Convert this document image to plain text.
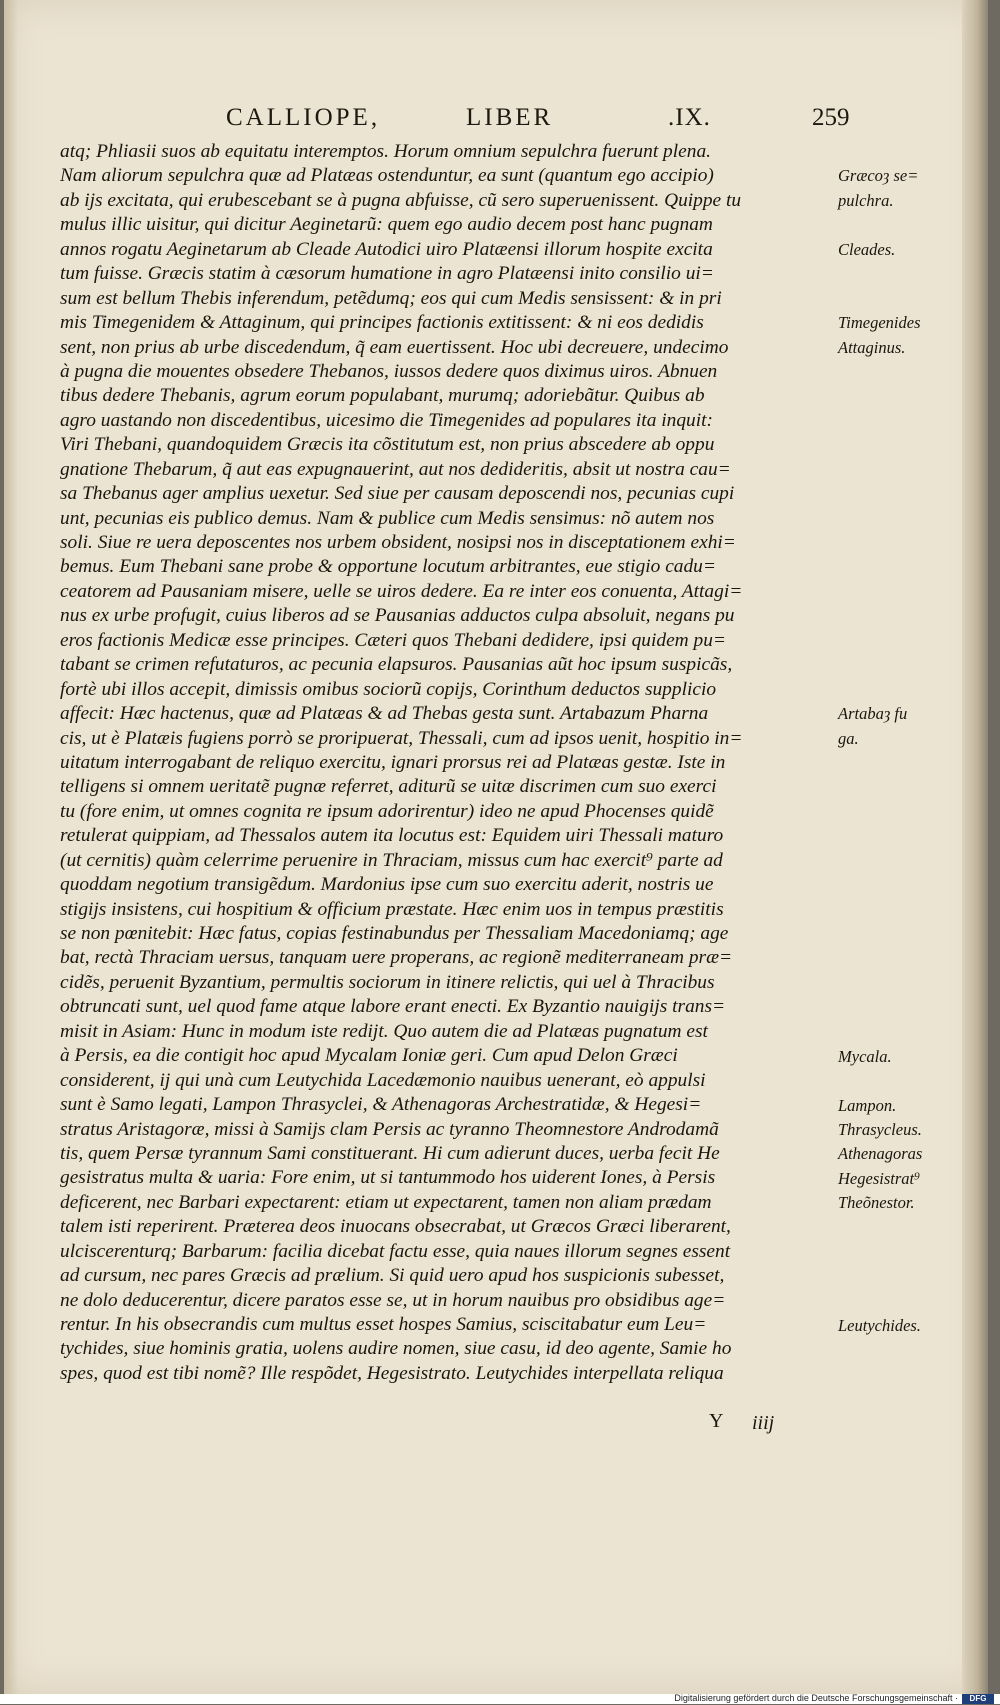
CALLIOPE,	LIBER	.IX.	259
atq; Phliasii suos ab equitatu interemptos. Horum omnium sepulchra fuerunt plena.
Nam aliorum sepulchra quæ ad Platæas ostenduntur, ea sunt (quantum ego accipio)
ab ijs excitata, qui erubescebant se à pugna abfuisse, cũ sero superuenissent. Quippe tu
mulus illic uisitur, qui dicitur Aeginetarũ: quem ego audio decem post hanc pugnam
annos rogatu Aeginetarum ab Cleade Autodici uiro Platæensi illorum hospite excita
tum fuisse. Græcis statim à cæsorum humatione in agro Platæensi inito consilio ui=
sum est bellum Thebis inferendum, petẽdumq; eos qui cum Medis sensissent: & in pri
mis Timegenidem & Attaginum, qui principes factionis extitissent: & ni eos dedidis
sent, non prius ab urbe discedendum, q̃ eam euertissent. Hoc ubi decreuere, undecimo
à pugna die mouentes obsedere Thebanos, iussos dedere quos diximus uiros. Abnuen
tibus dedere Thebanis, agrum eorum populabant, murumq; adoriebãtur. Quibus ab
agro uastando non discedentibus, uicesimo die Timegenides ad populares ita inquit:
Viri Thebani, quandoquidem Græcis ita cõstitutum est, non prius abscedere ab oppu
gnatione Thebarum, q̃ aut eas expugnauerint, aut nos dedideritis, absit ut nostra cau=
sa Thebanus ager amplius uexetur. Sed siue per causam deposcendi nos, pecunias cupi
unt, pecunias eis publico demus. Nam & publice cum Medis sensimus: nõ autem nos
soli. Siue re uera deposcentes nos urbem obsident, nosipsi nos in disceptationem exhi=
bemus. Eum Thebani sane probe & opportune locutum arbitrantes, eue stigio cadu=
ceatorem ad Pausaniam misere, uelle se uiros dedere. Ea re inter eos conuenta, Attagi=
nus ex urbe profugit, cuius liberos ad se Pausanias adductos culpa absoluit, negans pu
eros factionis Medicæ esse principes. Cæteri quos Thebani dedidere, ipsi quidem pu=
tabant se crimen refutaturos, ac pecunia elapsuros. Pausanias aũt hoc ipsum suspicãs,
fortè ubi illos accepit, dimissis omibus sociorũ copijs, Corinthum deductos supplicio
affecit: Hæc hactenus, quæ ad Platæas & ad Thebas gesta sunt. Artabazum Pharna
cis, ut è Platæis fugiens porrò se proripuerat, Thessali, cum ad ipsos uenit, hospitio in=
uitatum interrogabant de reliquo exercitu, ignari prorsus rei ad Platæas gestæ. Iste in
telligens si omnem ueritatẽ pugnæ referret, aditurũ se uitæ discrimen cum suo exerci
tu (fore enim, ut omnes cognita re ipsum adorirentur) ideo ne apud Phocenses quidẽ
retulerat quippiam, ad Thessalos autem ita locutus est: Equidem uiri Thessali maturo
(ut cernitis) quàm celerrime peruenire in Thraciam, missus cum hac exercit⁹ parte ad
quoddam negotium transigẽdum. Mardonius ipse cum suo exercitu aderit, nostris ue
stigijs insistens, cui hospitium & officium præstate. Hæc enim uos in tempus præstitis
se non pœnitebit: Hæc fatus, copias festinabundus per Thessaliam Macedoniamq; age
bat, rectà Thraciam uersus, tanquam uere properans, ac regionẽ mediterraneam præ=
cidẽs, peruenit Byzantium, permultis sociorum in itinere relictis, qui uel à Thracibus
obtruncati sunt, uel quod fame atque labore erant enecti. Ex Byzantio nauigijs trans=
misit in Asiam: Hunc in modum iste redijt. Quo autem die ad Platæas pugnatum est
à Persis, ea die contigit hoc apud Mycalam Ioniæ geri. Cum apud Delon Græci
considerent, ij qui unà cum Leutychida Lacedæmonio nauibus uenerant, eò appulsi
sunt è Samo legati, Lampon Thrasyclei, & Athenagoras Archestratidæ, & Hegesi=
stratus Aristagoræ, missi à Samijs clam Persis ac tyranno Theomnestore Androdamã
tis, quem Persæ tyrannum Sami constituerant. Hi cum adierunt duces, uerba fecit He
gesistratus multa & uaria: Fore enim, ut si tantummodo hos uiderent Iones, à Persis
deficerent, nec Barbari expectarent: etiam ut expectarent, tamen non aliam prædam
talem isti reperirent. Præterea deos inuocans obsecrabat, ut Græcos Græci liberarent,
ulciscerenturq; Barbarum: facilia dicebat factu esse, quia naues illorum segnes essent
ad cursum, nec pares Græcis ad prælium. Si quid uero apud hos suspicionis subesset,
ne dolo deducerentur, dicere paratos esse se, ut in horum nauibus pro obsidibus age=
rentur. In his obsecrandis cum multus esset hospes Samius, sciscitabatur eum Leu=
tychides, siue hominis gratia, uolens audire nomen, siue casu, id deo agente, Samie ho
spes, quod est tibi nomẽ? Ille respõdet, Hegesistrato. Leutychides interpellata reliqua
Græcoȝ se=
pulchra.
Cleades.
Timegenides
Attaginus.
Artabaȝ fu
ga.
Mycala.
Lampon.
Thrasycleus.
Athenagoras
Hegesistrat⁹
Theõnestor.
Leutychides.
Y iiij
Digitalisierung gefördert durch die Deutsche Forschungsgemeinschaft ·	DFG
